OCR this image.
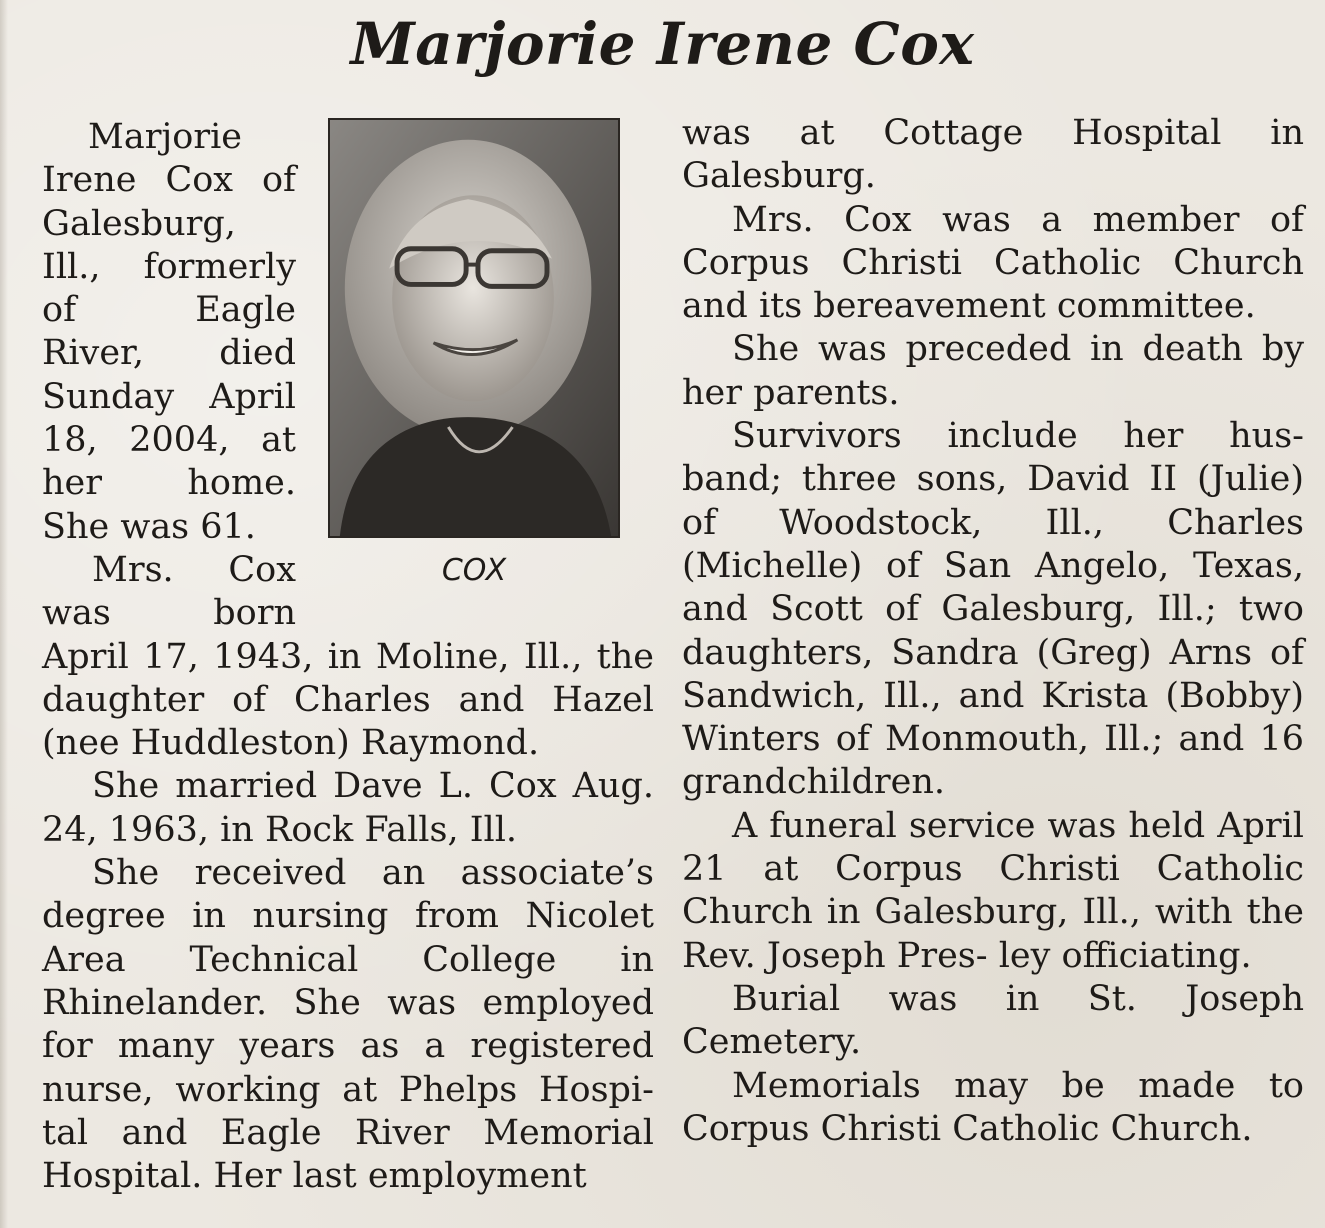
Marjorie Irene Cox
COX

Marjorie Irene Cox of Galesburg, Ill., formerly of Eagle River, died Sunday April 18, 2004, at her home. She was 61.

Mrs. Cox was born April 17, 1943, in Moline, Ill., the daughter of Charles and Hazel (nee Huddleston) Raymond.

She married Dave L. Cox Aug. 24, 1963, in Rock Falls, Ill.

She received an associate’s degree in nursing from Nicolet Area Technical College in Rhinelander. She was employed for many years as a registered nurse, working at Phelps Hospi- tal and Eagle River Memorial Hospital. Her last employment

was at Cottage Hospital in Galesburg.

Mrs. Cox was a member of Corpus Christi Catholic Church and its bereavement committee.

She was preceded in death by her parents.

Survivors include her hus- band; three sons, David II (Julie) of Woodstock, Ill., Charles (Michelle) of San Angelo, Texas, and Scott of Galesburg, Ill.; two daughters, Sandra (Greg) Arns of Sandwich, Ill., and Krista (Bobby) Winters of Monmouth, Ill.; and 16 grandchildren.

A funeral service was held April 21 at Corpus Christi Catholic Church in Galesburg, Ill., with the Rev. Joseph Pres- ley officiating.

Burial was in St. Joseph Cemetery.

Memorials may be made to Corpus Christi Catholic Church.
